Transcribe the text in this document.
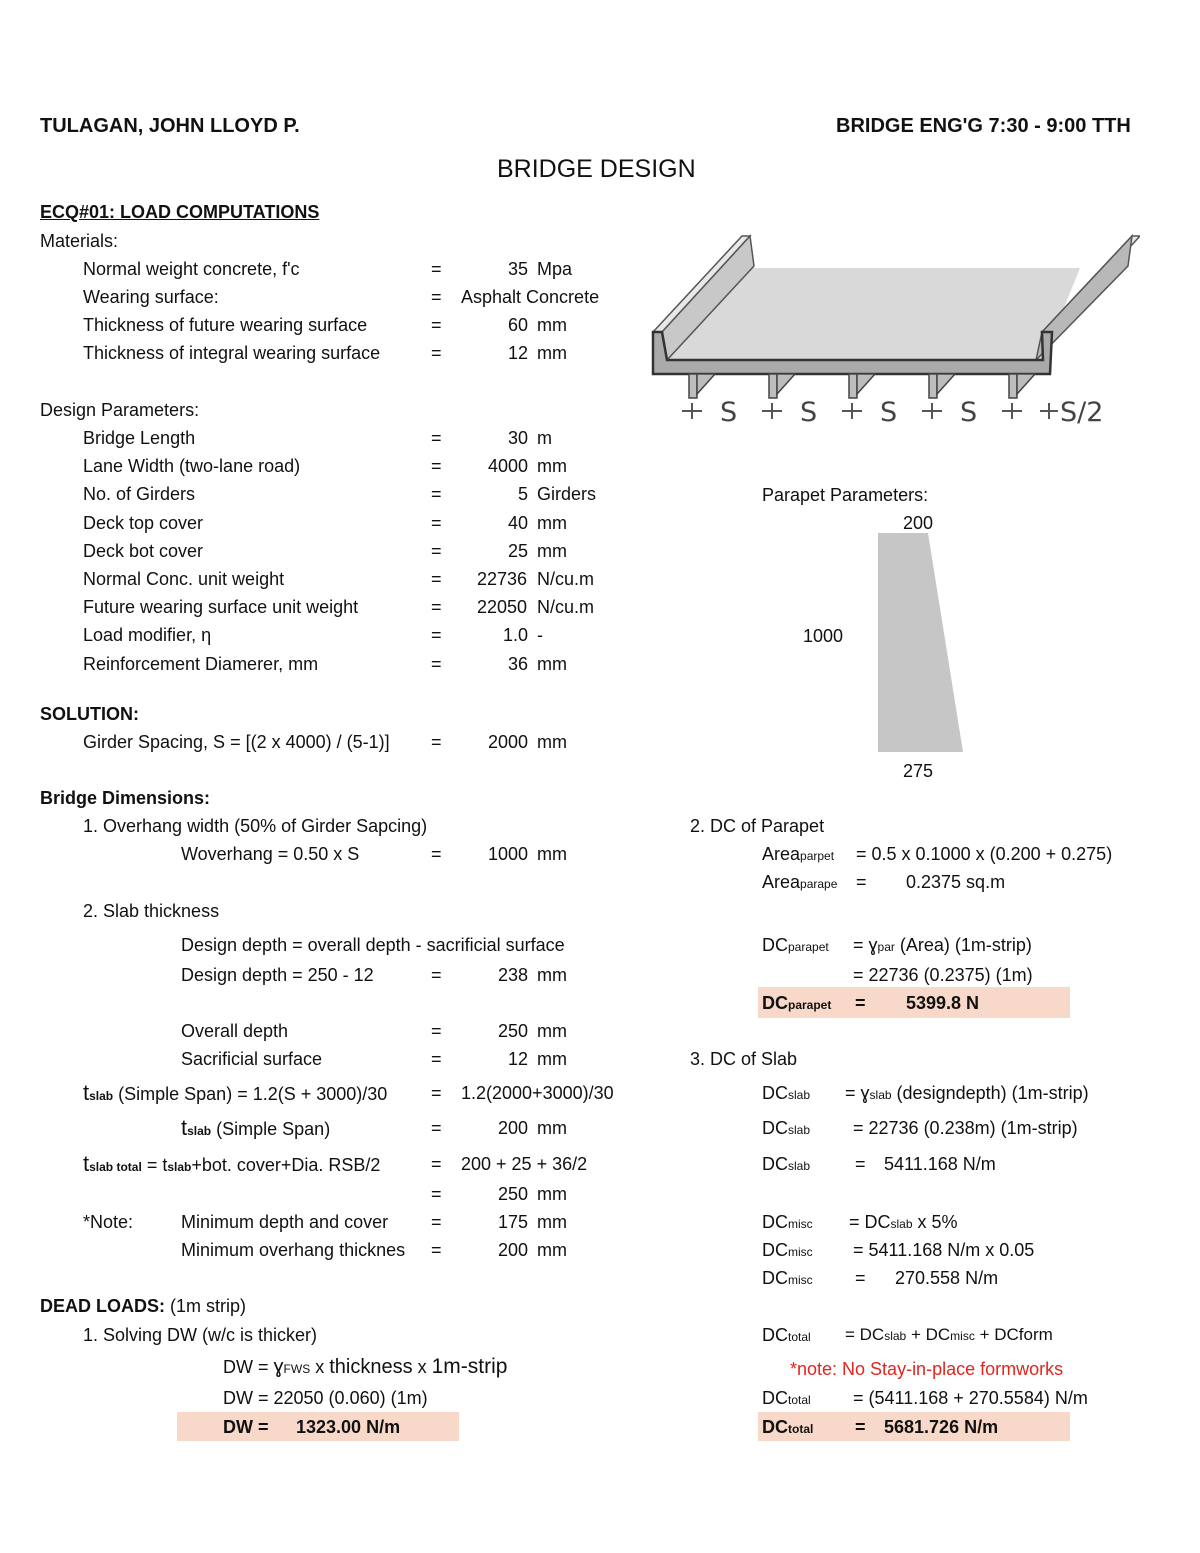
TULAGAN, JOHN LLOYD P.	BRIDGE ENG'G 7:30 - 9:00 TTH
BRIDGE DESIGN
ECQ#01: LOAD COMPUTATIONS
Materials:
Normal weight concrete, f'c	=	35 Mpa
Wearing surface:	= Asphalt Concrete
Thickness of future wearing surface	=	60 mm
Thickness of integral wearing surface	=	12 mm
Design Parameters:
Bridge Length	=	30 m
Lane Width (two-lane road)	=	4000 mm
No. of Girders	=	5 Girders
Deck top cover	=	40 mm
Deck bot cover	=	25 mm
Normal Conc. unit weight	= 22736 N/cu.m
Future wearing surface unit weight	= 22050 N/cu.m
Load modifier, η	=	1.0 -
Reinforcement Diamerer, mm	=	36 mm
SOLUTION:
Girder Spacing, S = [(2 x 4000) / (5-1)] =	2000 mm
Bridge Dimensions:
1. Overhang width (50% of Girder Sapcing)
Woverhang = 0.50 x S	=	1000 mm
2. Slab thickness
Design depth = overall depth - sacrificial surface
Design depth = 250 - 12	=	238 mm
Overall depth	=	250 mm
Sacrificial surface	=	12 mm
tslab (Simple Span) = 1.2(S + 3000)/30 = 1.2(2000+3000)/30
tslab (Simple Span)	=	200 mm
tslab total = tslab+bot. cover+Dia. RSB/2	= 200 + 25 + 36/2
=	250 mm
*Note:	Minimum depth and cover =	175 mm
Minimum overhang thicknes	=	200 mm
DEAD LOADS: (1m strip)
1. Solving DW (w/c is thicker)
DW = ɣFWS x thickness x 1m-strip
DW = 22050 (0.060) (1m)
DW = 1323.00 N/m
S S S S	S/2
Parapet Parameters:
200
1000
275
2. DC of Parapet
Areaparpet = 0.5 x 0.1000 x (0.200 + 0.275)
Areaparape = 0.2375 sq.m
DCparapet = ɣpar (Area) (1m-strip)
= 22736 (0.2375) (1m)
DCparapet = 5399.8 N
3. DC of Slab
DCslab = ɣslab (designdepth) (1m-strip)
DCslab = 22736 (0.238m) (1m-strip)
DCslab = 5411.168 N/m
DCmisc = DCslab x 5%
DCmisc = 5411.168 N/m x 0.05
DCmisc = 270.558 N/m
DCtotal = DCslab + DCmisc + DCform
*note: No Stay-in-place formworks
DCtotal = (5411.168 + 270.5584) N/m
DCtotal = 5681.726 N/m
